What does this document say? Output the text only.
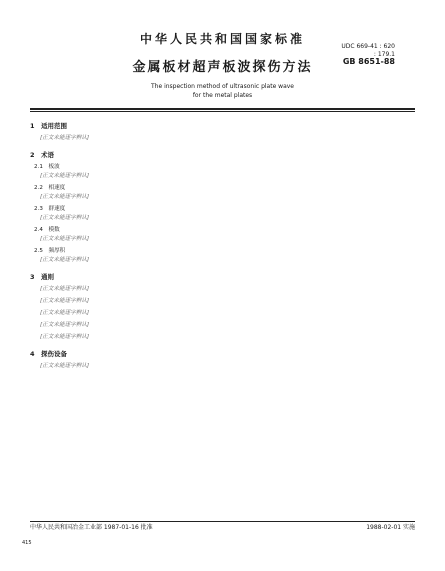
中华人民共和国国家标准
UDC 669-41 : 620
: 179.1
GB 8651-88
金属板材超声板波探伤方法
The inspection method of ultrasonic plate wave
for the metal plates
1　适用范围
[正文未能逐字辨认]
2　术语
2.1　板波
[正文未能逐字辨认]
2.2　相速度
[正文未能逐字辨认]
2.3　群速度
[正文未能逐字辨认]
2.4　模数
[正文未能逐字辨认]
2.5　频厚积
[正文未能逐字辨认]
3　通则
[正文未能逐字辨认]
[正文未能逐字辨认]
[正文未能逐字辨认]
[正文未能逐字辨认]
[正文未能逐字辨认]
4　探伤设备
[正文未能逐字辨认]
中华人民共和国冶金工业部 1987-01-16 批准	1988-02-01 实施
415
